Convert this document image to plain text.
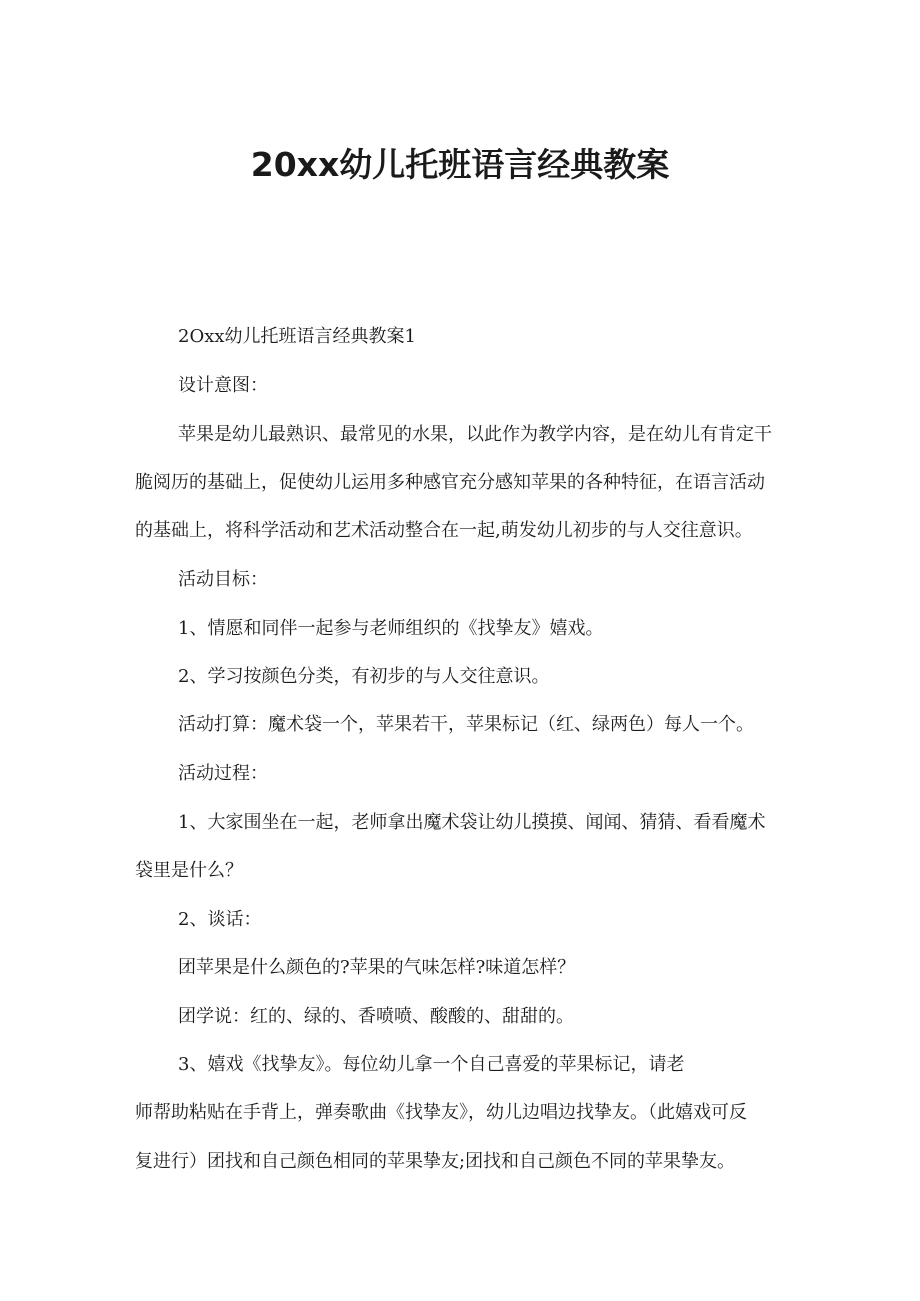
20xx幼儿托班语言经典教案
2Oxx幼儿托班语言经典教案1
设计意图：
苹果是幼儿最熟识、最常见的水果，以此作为教学内容，是在幼儿有肯定干
脆阅历的基础上，促使幼儿运用多种感官充分感知苹果的各种特征，在语言活动
的基础上，将科学活动和艺术活动整合在一起,萌发幼儿初步的与人交往意识。
活动目标：
1、情愿和同伴一起参与老师组织的《找挚友》嬉戏。
2、学习按颜色分类，有初步的与人交往意识。
活动打算：魔术袋一个，苹果若干，苹果标记（红、绿两色）每人一个。
活动过程：
1、大家围坐在一起，老师拿出魔术袋让幼儿摸摸、闻闻、猜猜、看看魔术
袋里是什么？
2、谈话：
团苹果是什么颜色的?苹果的气味怎样?味道怎样？
团学说：红的、绿的、香喷喷、酸酸的、甜甜的。
3、嬉戏《找挚友》。每位幼儿拿一个自己喜爱的苹果标记，请老
师帮助粘贴在手背上，弹奏歌曲《找挚友》，幼儿边唱边找挚友。（此嬉戏可反
复进行）团找和自己颜色相同的苹果挚友;团找和自己颜色不同的苹果挚友。
